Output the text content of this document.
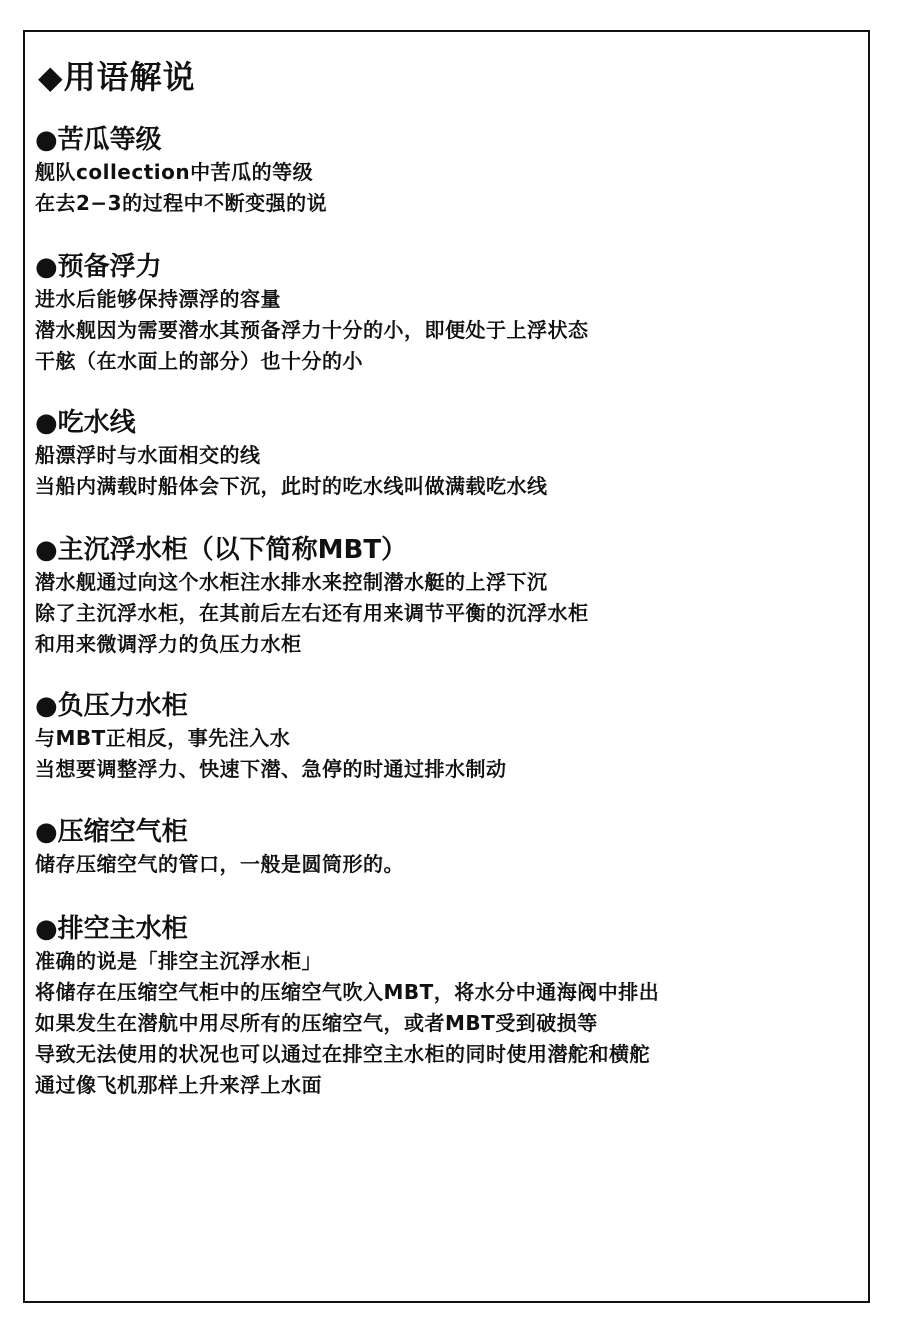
◆用语解说
●苦瓜等级
舰队collection中苦瓜的等级
在去2−3的过程中不断变强的说
●预备浮力
进水后能够保持漂浮的容量
潜水舰因为需要潜水其预备浮力十分的小，即便处于上浮状态
干舷（在水面上的部分）也十分的小
●吃水线
船漂浮时与水面相交的线
当船内满载时船体会下沉，此时的吃水线叫做满载吃水线
●主沉浮水柜（以下简称MBT）
潜水舰通过向这个水柜注水排水来控制潜水艇的上浮下沉
除了主沉浮水柜，在其前后左右还有用来调节平衡的沉浮水柜
和用来微调浮力的负压力水柜
●负压力水柜
与MBT正相反，事先注入水
当想要调整浮力、快速下潜、急停的时通过排水制动
●压缩空气柜
储存压缩空气的管口，一般是圆筒形的。
●排空主水柜
准确的说是「排空主沉浮水柜」
将储存在压缩空气柜中的压缩空气吹入MBT，将水分中通海阀中排出
如果发生在潜航中用尽所有的压缩空气，或者MBT受到破损等
导致无法使用的状况也可以通过在排空主水柜的同时使用潜舵和横舵
通过像飞机那样上升来浮上水面
